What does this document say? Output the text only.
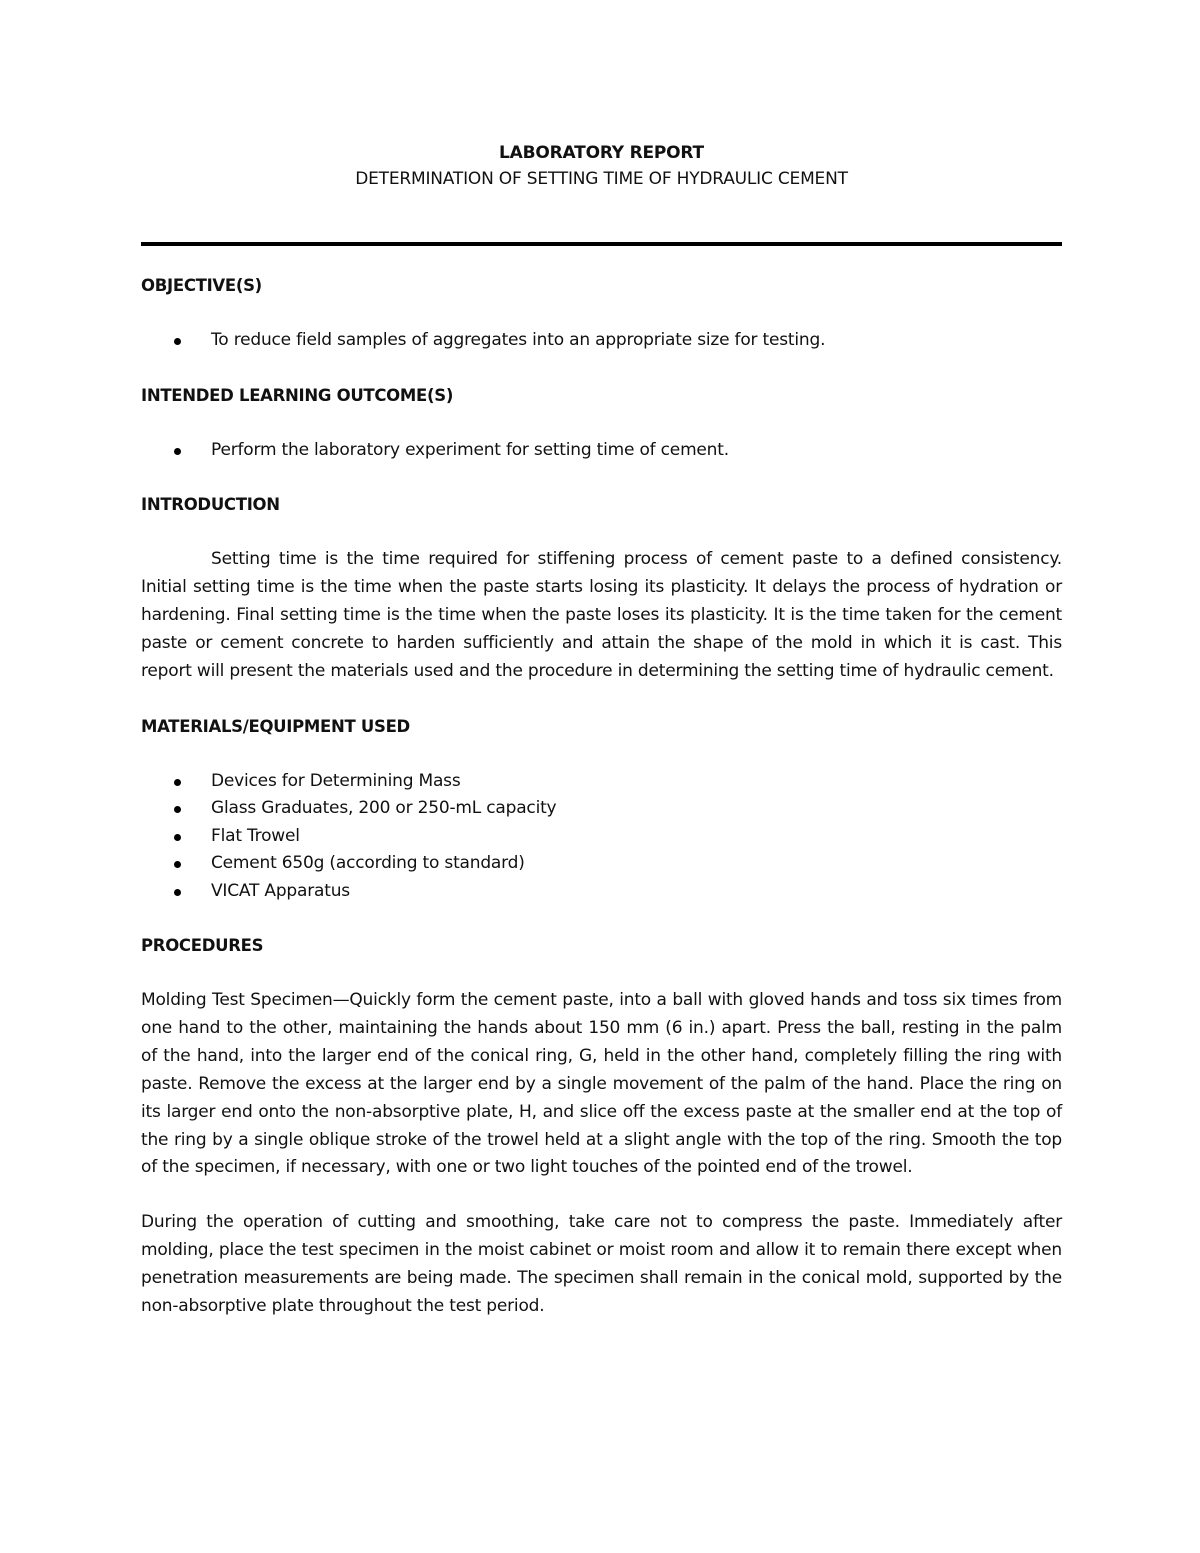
LABORATORY REPORT

DETERMINATION OF SETTING TIME OF HYDRAULIC CEMENT

OBJECTIVE(S)

To reduce field samples of aggregates into an appropriate size for testing.

INTENDED LEARNING OUTCOME(S)

Perform the laboratory experiment for setting time of cement.

INTRODUCTION

Setting time is the time required for stiffening process of cement paste to a defined consistency. Initial setting time is the time when the paste starts losing its plasticity. It delays the process of hydration or hardening. Final setting time is the time when the paste loses its plasticity. It is the time taken for the cement paste or cement concrete to harden sufficiently and attain the shape of the mold in which it is cast. This report will present the materials used and the procedure in determining the setting time of hydraulic cement.

MATERIALS/EQUIPMENT USED

Devices for Determining Mass
Glass Graduates, 200 or 250-mL capacity
Flat Trowel
Cement 650g (according to standard)
VICAT Apparatus

PROCEDURES

Molding Test Specimen—Quickly form the cement paste, into a ball with gloved hands and toss six times from one hand to the other, maintaining the hands about 150 mm (6 in.) apart. Press the ball, resting in the palm of the hand, into the larger end of the conical ring, G, held in the other hand, completely filling the ring with paste. Remove the excess at the larger end by a single movement of the palm of the hand. Place the ring on its larger end onto the non-absorptive plate, H, and slice off the excess paste at the smaller end at the top of the ring by a single oblique stroke of the trowel held at a slight angle with the top of the ring. Smooth the top of the specimen, if necessary, with one or two light touches of the pointed end of the trowel.

During the operation of cutting and smoothing, take care not to compress the paste. Immediately after molding, place the test specimen in the moist cabinet or moist room and allow it to remain there except when penetration measurements are being made. The specimen shall remain in the conical mold, supported by the non-absorptive plate throughout the test period.
